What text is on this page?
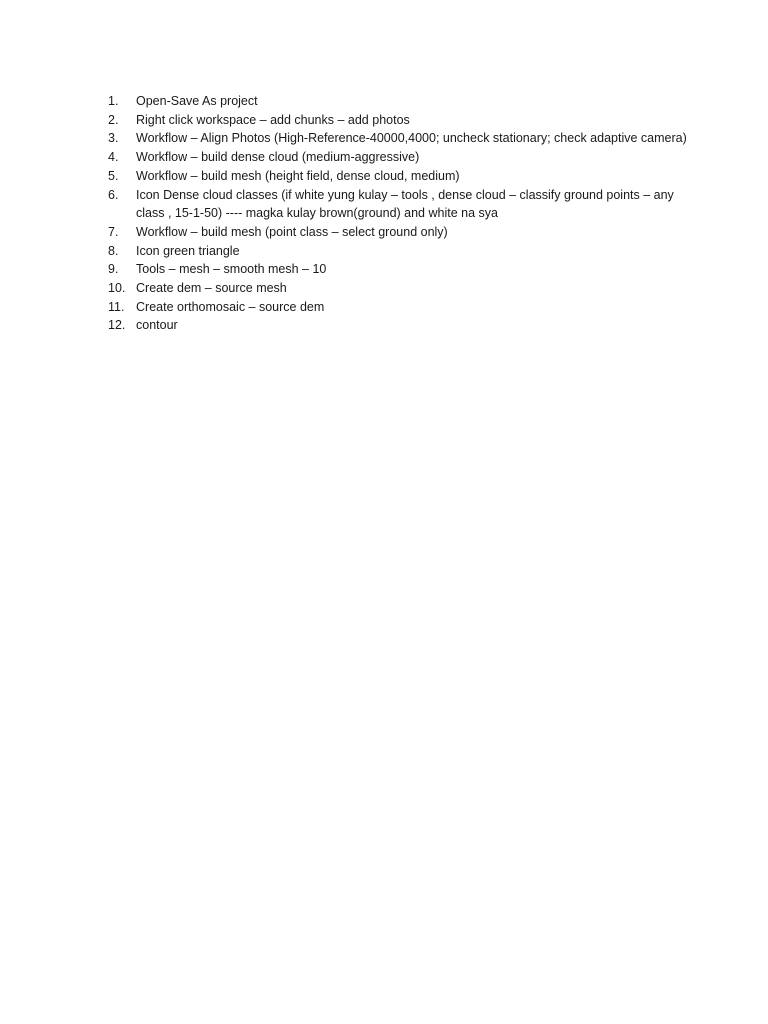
1.	Open-Save As project
2.	Right click workspace – add chunks – add photos
3.	Workflow – Align Photos (High-Reference-40000,4000; uncheck stationary; check adaptive camera)
4.	Workflow – build dense cloud (medium-aggressive)
5.	Workflow – build mesh (height field, dense cloud, medium)
6.	Icon Dense cloud classes (if white yung kulay – tools , dense cloud – classify ground points – any class , 15-1-50) ---- magka kulay brown(ground) and white na sya
7.	Workflow – build mesh (point class – select ground only)
8.	Icon green triangle
9.	Tools – mesh – smooth mesh – 10
10. Create dem – source mesh
11. Create orthomosaic – source dem
12. contour
